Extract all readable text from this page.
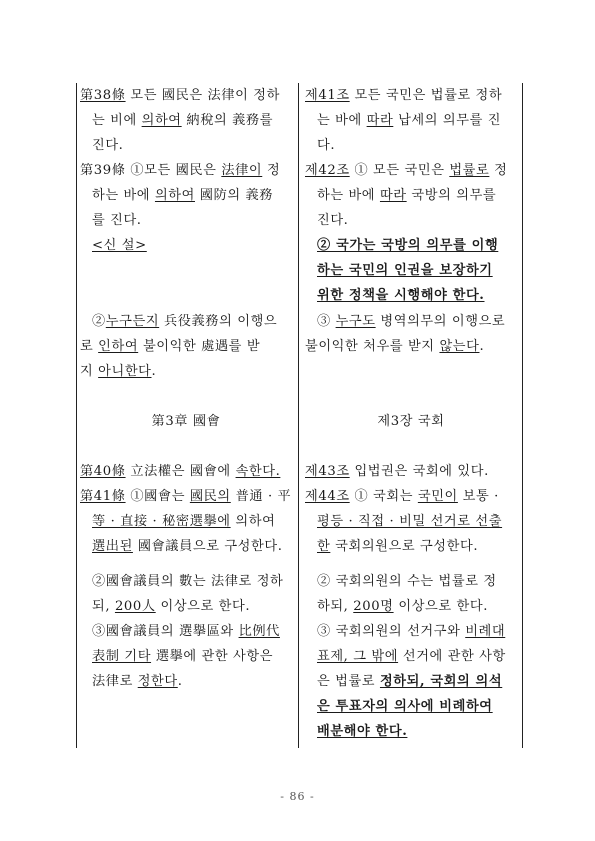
第38條 모든 國民은 法律이 정하
는 비에 의하여 納稅의 義務를
진다.
第39條 ①모든 國民은 法律이 정
하는 바에 의하여 國防의 義務
를 진다.
<신 설>
②누구든지 兵役義務의 이행으
로 인하여 불이익한 處遇를 받
지 아니한다.
第3章 國會
第40條 立法權은 國會에 속한다.
第41條 ①國會는 國民의 普通 · 平
等 · 直接 · 秘密選擧에 의하여
選出된 國會議員으로 구성한다.
②國會議員의 數는 法律로 정하
되, 200人 이상으로 한다.
③國會議員의 選擧區와 比例代
表制 기타 選擧에 관한 사항은
法律로 정한다.
제41조 모든 국민은 법률로 정하
는 바에 따라 납세의 의무를 진
다.
제42조 ① 모든 국민은 법률로 정
하는 바에 따라 국방의 의무를
진다.
② 국가는 국방의 의무를 이행
하는 국민의 인권을 보장하기
위한 정책을 시행해야 한다.
③ 누구도 병역의무의 이행으로
불이익한 처우를 받지 않는다.
제3장 국회
제43조 입법권은 국회에 있다.
제44조 ① 국회는 국민이 보통 ·
평등 · 직접 · 비밀 선거로 선출
한 국회의원으로 구성한다.
② 국회의원의 수는 법률로 정
하되, 200명 이상으로 한다.
③ 국회의원의 선거구와 비례대
표제, 그 밖에 선거에 관한 사항
은 법률로 정하되, 국회의 의석
은 투표자의 의사에 비례하여
배분해야 한다.
- 86 -
